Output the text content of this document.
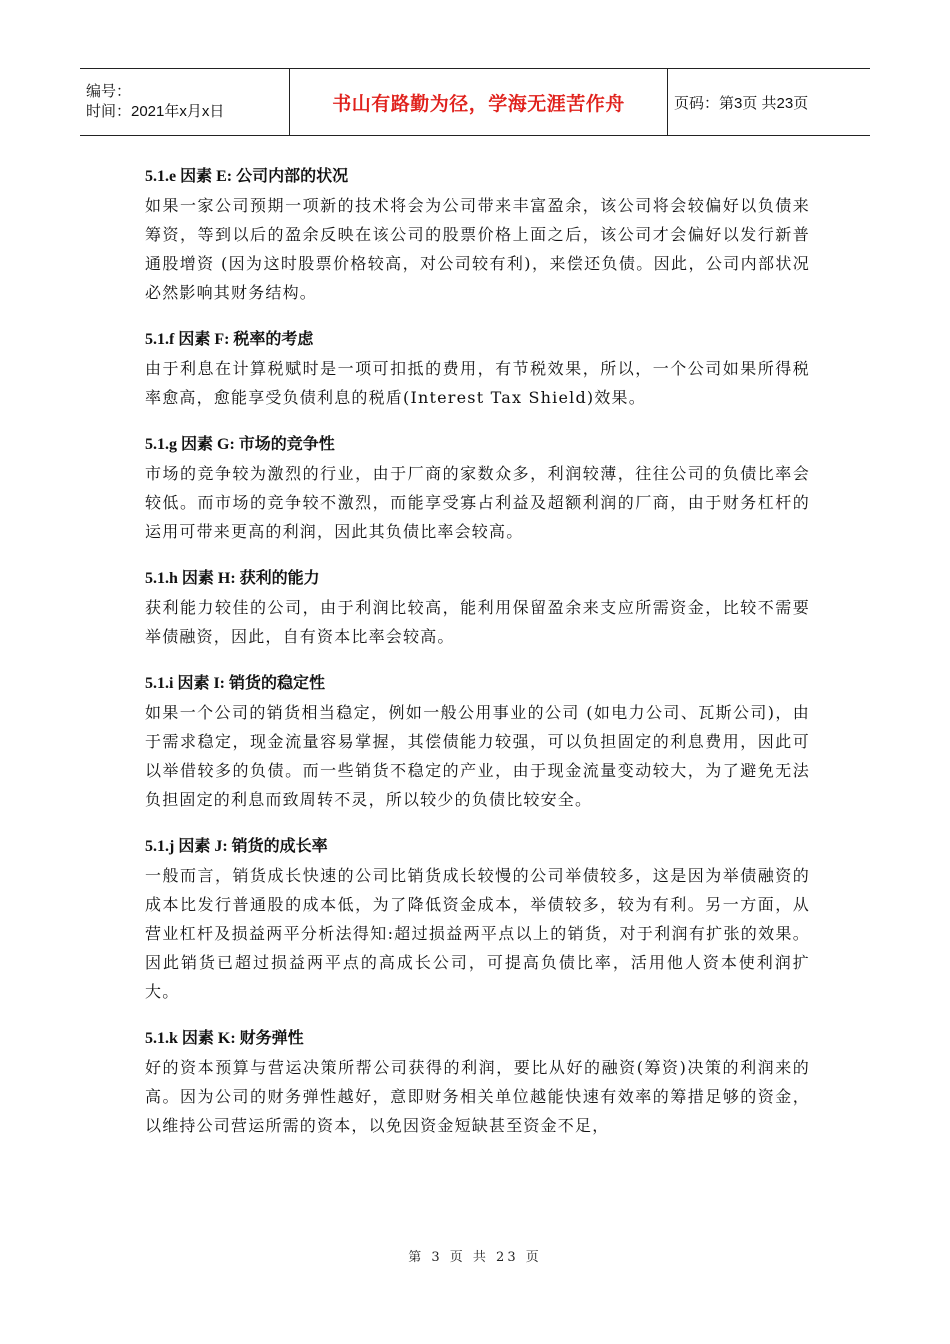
编号：
时间：2021年x月x日	书山有路勤为径，学海无涯苦作舟	页码：第3页 共23页

5.1.e 因素 E: 公司内部的状况

如果一家公司预期一项新的技术将会为公司带来丰富盈余，该公司将会较偏好以负债来筹资，等到以后的盈余反映在该公司的股票价格上面之后，该公司才会偏好以发行新普通股增资 (因为这时股票价格较高，对公司较有利)，来偿还负债。因此，公司内部状况必然影响其财务结构。

5.1.f 因素 F: 税率的考虑

由于利息在计算税赋时是一项可扣抵的费用，有节税效果，所以，一个公司如果所得税率愈高，愈能享受负债利息的税盾(Interest Tax Shield)效果。

5.1.g 因素 G: 市场的竞争性

市场的竞争较为激烈的行业，由于厂商的家数众多，利润较薄，往往公司的负债比率会较低。而市场的竞争较不激烈，而能享受寡占利益及超额利润的厂商，由于财务杠杆的运用可带来更高的利润，因此其负债比率会较高。

5.1.h 因素 H: 获利的能力

获利能力较佳的公司，由于利润比较高，能利用保留盈余来支应所需资金，比较不需要举债融资，因此，自有资本比率会较高。

5.1.i 因素 I: 销货的稳定性

如果一个公司的销货相当稳定，例如一般公用事业的公司 (如电力公司、瓦斯公司)，由于需求稳定，现金流量容易掌握，其偿债能力较强，可以负担固定的利息费用，因此可以举借较多的负债。而一些销货不稳定的产业，由于现金流量变动较大，为了避免无法负担固定的利息而致周转不灵，所以较少的负债比较安全。

5.1.j 因素 J: 销货的成长率

一般而言，销货成长快速的公司比销货成长较慢的公司举债较多，这是因为举债融资的成本比发行普通股的成本低，为了降低资金成本，举债较多，较为有利。另一方面，从营业杠杆及损益两平分析法得知:超过损益两平点以上的销货，对于利润有扩张的效果。因此销货已超过损益两平点的高成长公司，可提高负债比率，活用他人资本使利润扩大。

5.1.k 因素 K: 财务弹性

好的资本预算与营运决策所帮公司获得的利润，要比从好的融资(筹资)决策的利润来的高。因为公司的财务弹性越好，意即财务相关单位越能快速有效率的筹措足够的资金，以维持公司营运所需的资本，以免因资金短缺甚至资金不足，

第 3 页 共 23 页
